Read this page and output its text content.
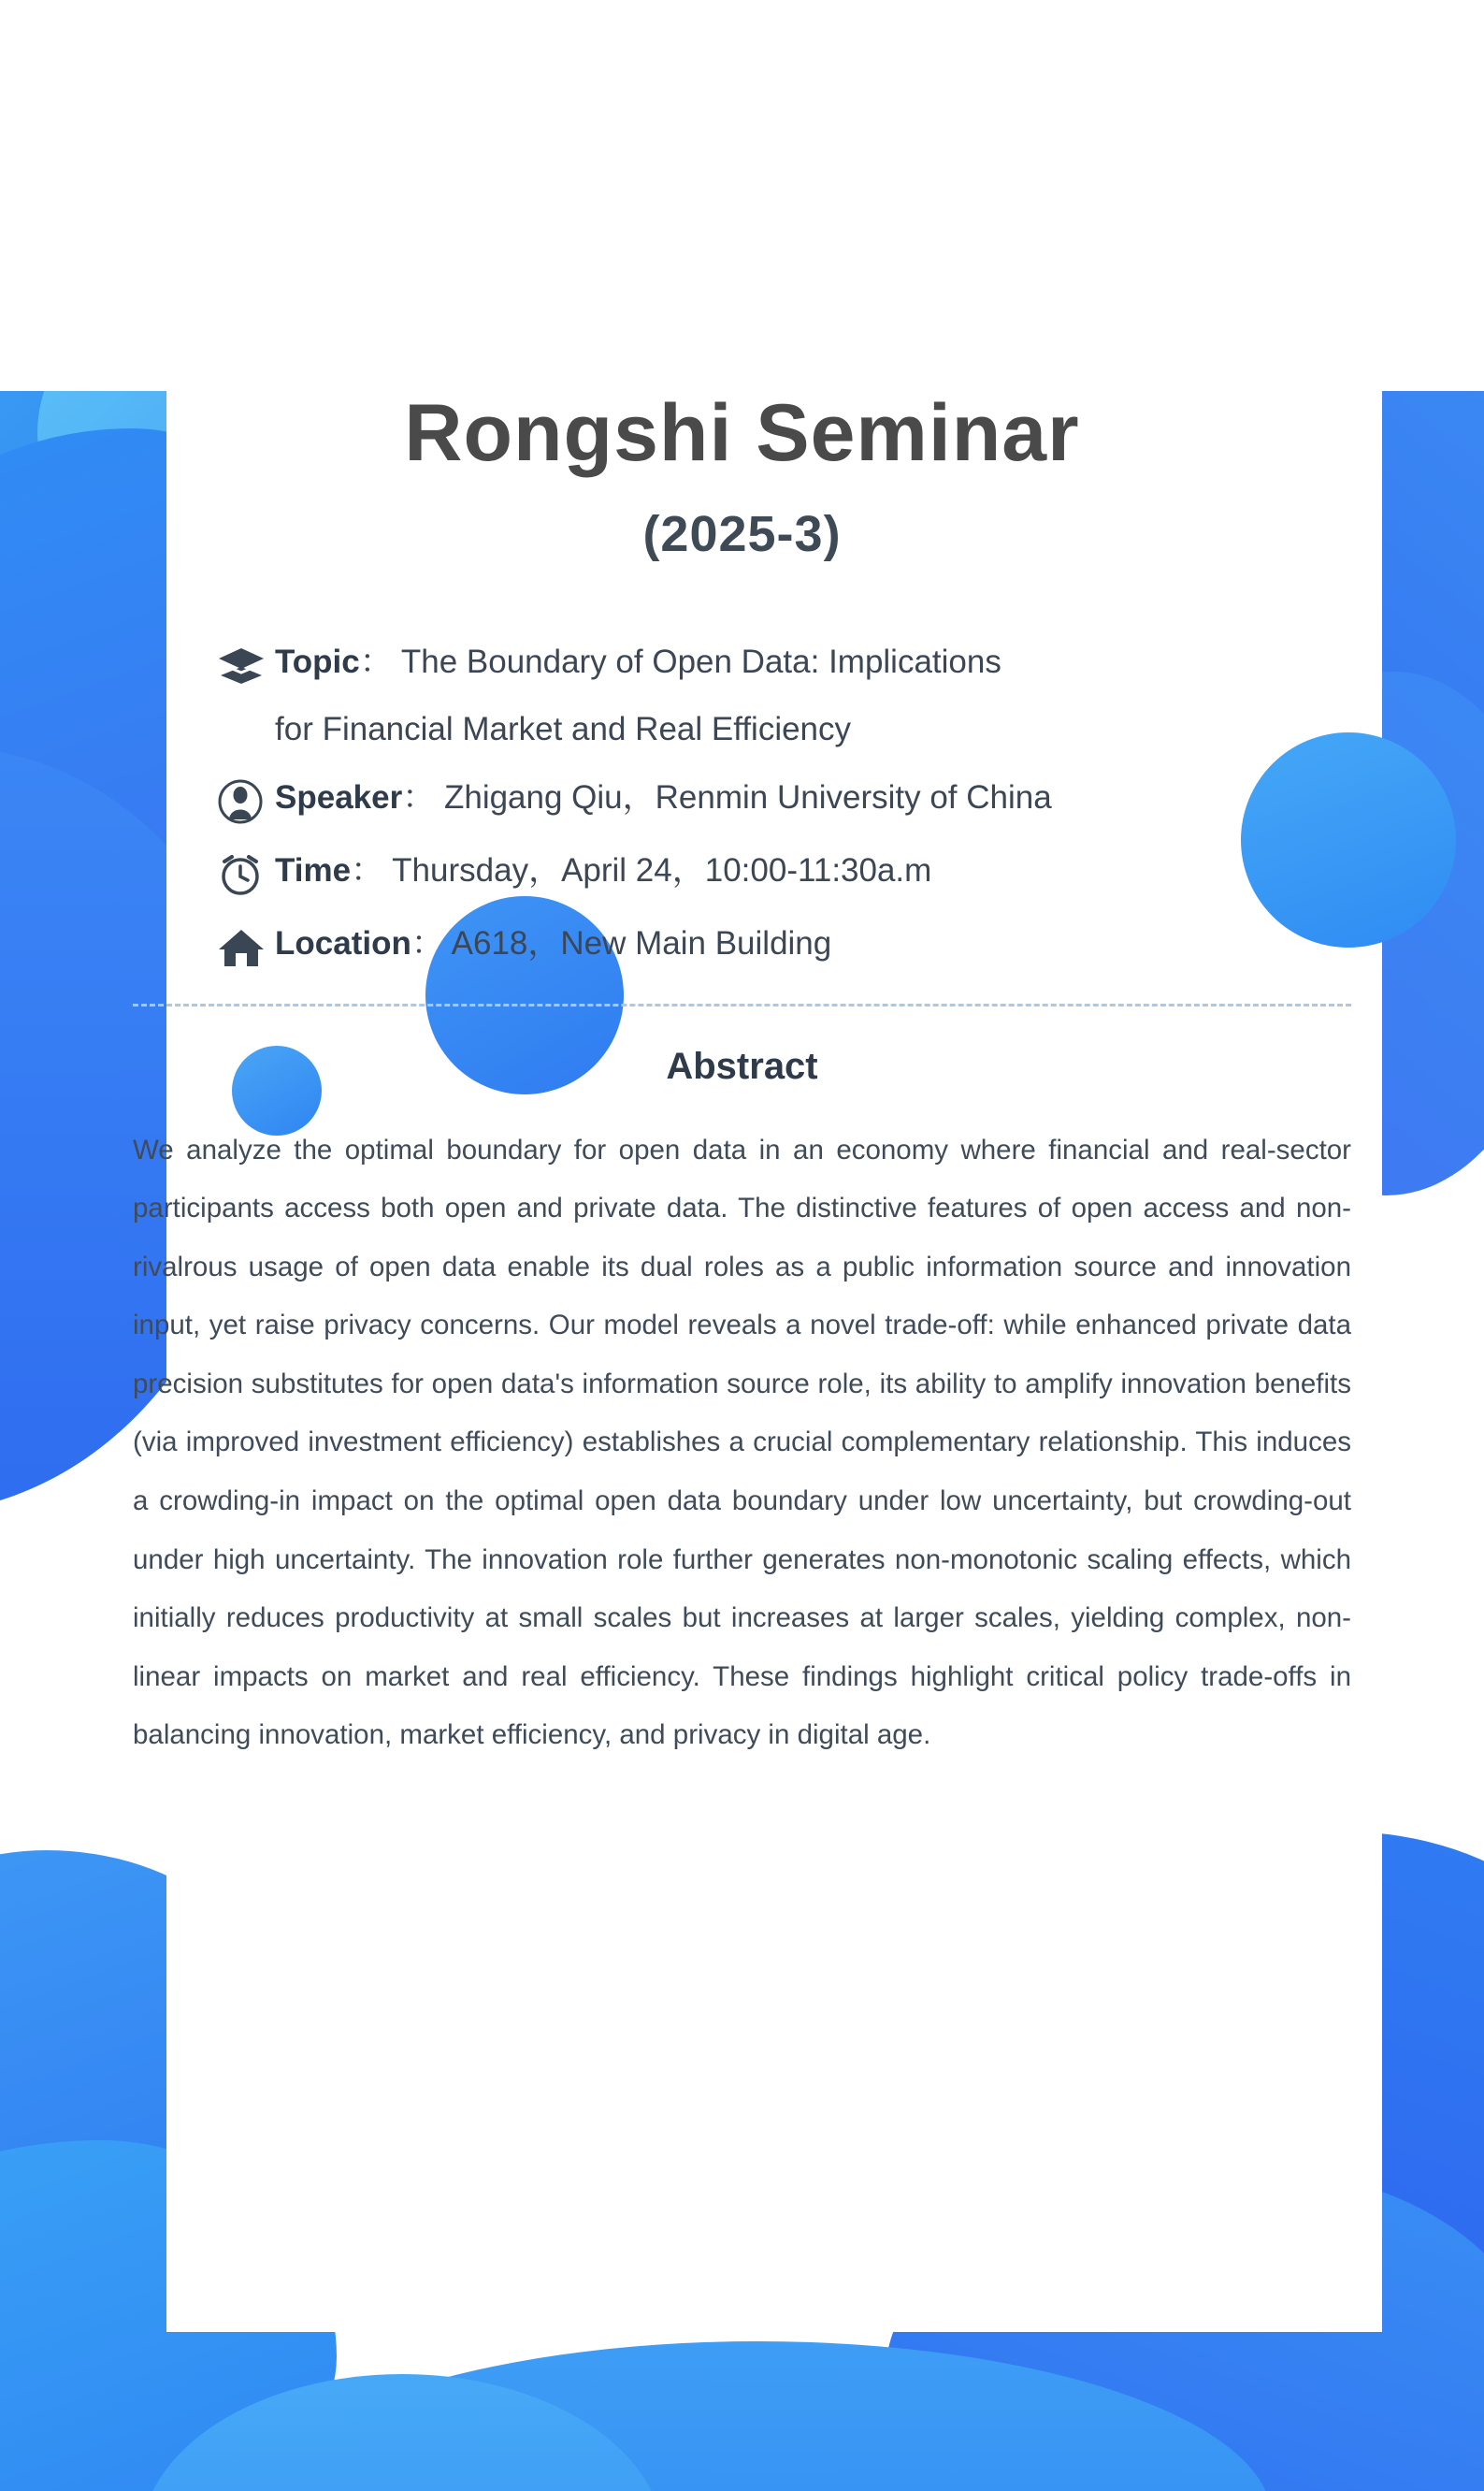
Rongshi Seminar
(2025-3)
Topic： The Boundary of Open Data: Implications
for Financial Market and Real Efficiency
Speaker： Zhigang Qiu，Renmin University of China
Time： Thursday，April 24，10:00-11:30a.m
Location： A618，New Main Building
Abstract
We analyze the optimal boundary for open data in an economy where financial and real-sector participants access both open and private data. The distinctive features of open access and non-rivalrous usage of open data enable its dual roles as a public information source and innovation input, yet raise privacy concerns. Our model reveals a novel trade-off: while enhanced private data precision substitutes for open data's information source role, its ability to amplify innovation benefits (via improved investment efficiency) establishes a crucial complementary relationship. This induces a crowding-in impact on the optimal open data boundary under low uncertainty, but crowding-out under high uncertainty. The innovation role further generates non-monotonic scaling effects, which initially reduces productivity at small scales but increases at larger scales, yielding complex, non-linear impacts on market and real efficiency. These findings highlight critical policy trade-offs in balancing innovation, market efficiency, and privacy in digital age.
